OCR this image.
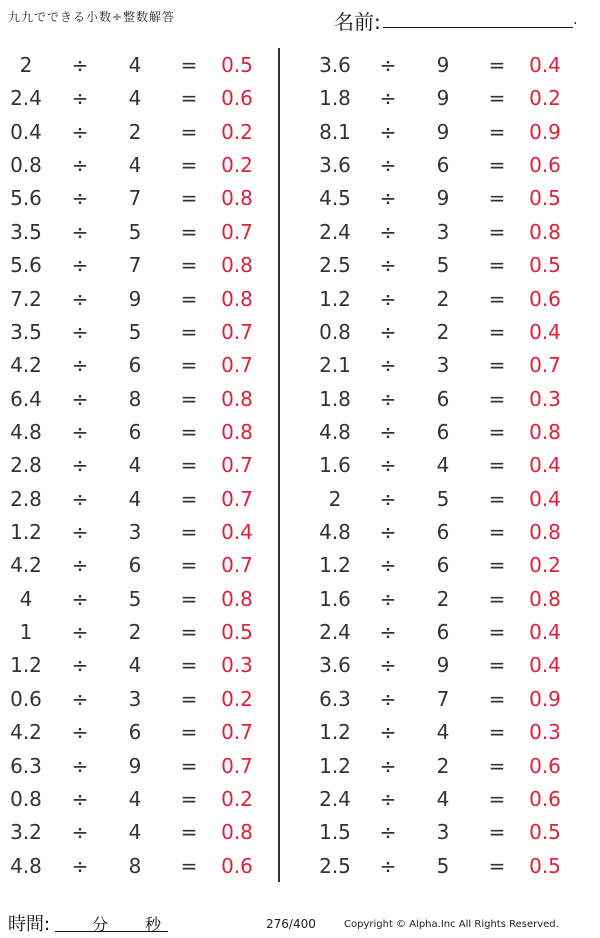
九九でできる小数÷整数解答	名前:	.
2	÷	4	=	0.5
2.4	÷	4	=	0.6
0.4	÷	2	=	0.2
0.8	÷	4	=	0.2
5.6	÷	7	=	0.8
3.5	÷	5	=	0.7
5.6	÷	7	=	0.8
7.2	÷	9	=	0.8
3.5	÷	5	=	0.7
4.2	÷	6	=	0.7
6.4	÷	8	=	0.8
4.8	÷	6	=	0.8
2.8	÷	4	=	0.7
2.8	÷	4	=	0.7
1.2	÷	3	=	0.4
4.2	÷	6	=	0.7
4	÷	5	=	0.8
1	÷	2	=	0.5
1.2	÷	4	=	0.3
0.6	÷	3	=	0.2
4.2	÷	6	=	0.7
6.3	÷	9	=	0.7
0.8	÷	4	=	0.2
3.2	÷	4	=	0.8
4.8	÷	8	=	0.6
3.6	÷	9	=	0.4
1.8	÷	9	=	0.2
8.1	÷	9	=	0.9
3.6	÷	6	=	0.6
4.5	÷	9	=	0.5
2.4	÷	3	=	0.8
2.5	÷	5	=	0.5
1.2	÷	2	=	0.6
0.8	÷	2	=	0.4
2.1	÷	3	=	0.7
1.8	÷	6	=	0.3
4.8	÷	6	=	0.8
1.6	÷	4	=	0.4
2	÷	5	=	0.4
4.8	÷	6	=	0.8
1.2	÷	6	=	0.2
1.6	÷	2	=	0.8
2.4	÷	6	=	0.4
3.6	÷	9	=	0.4
6.3	÷	7	=	0.9
1.2	÷	4	=	0.3
1.2	÷	2	=	0.6
2.4	÷	4	=	0.6
1.5	÷	3	=	0.5
2.5	÷	5	=	0.5
時間:	分 秒	276/400	Copyright © Alpha.Inc All Rights Reserved.
